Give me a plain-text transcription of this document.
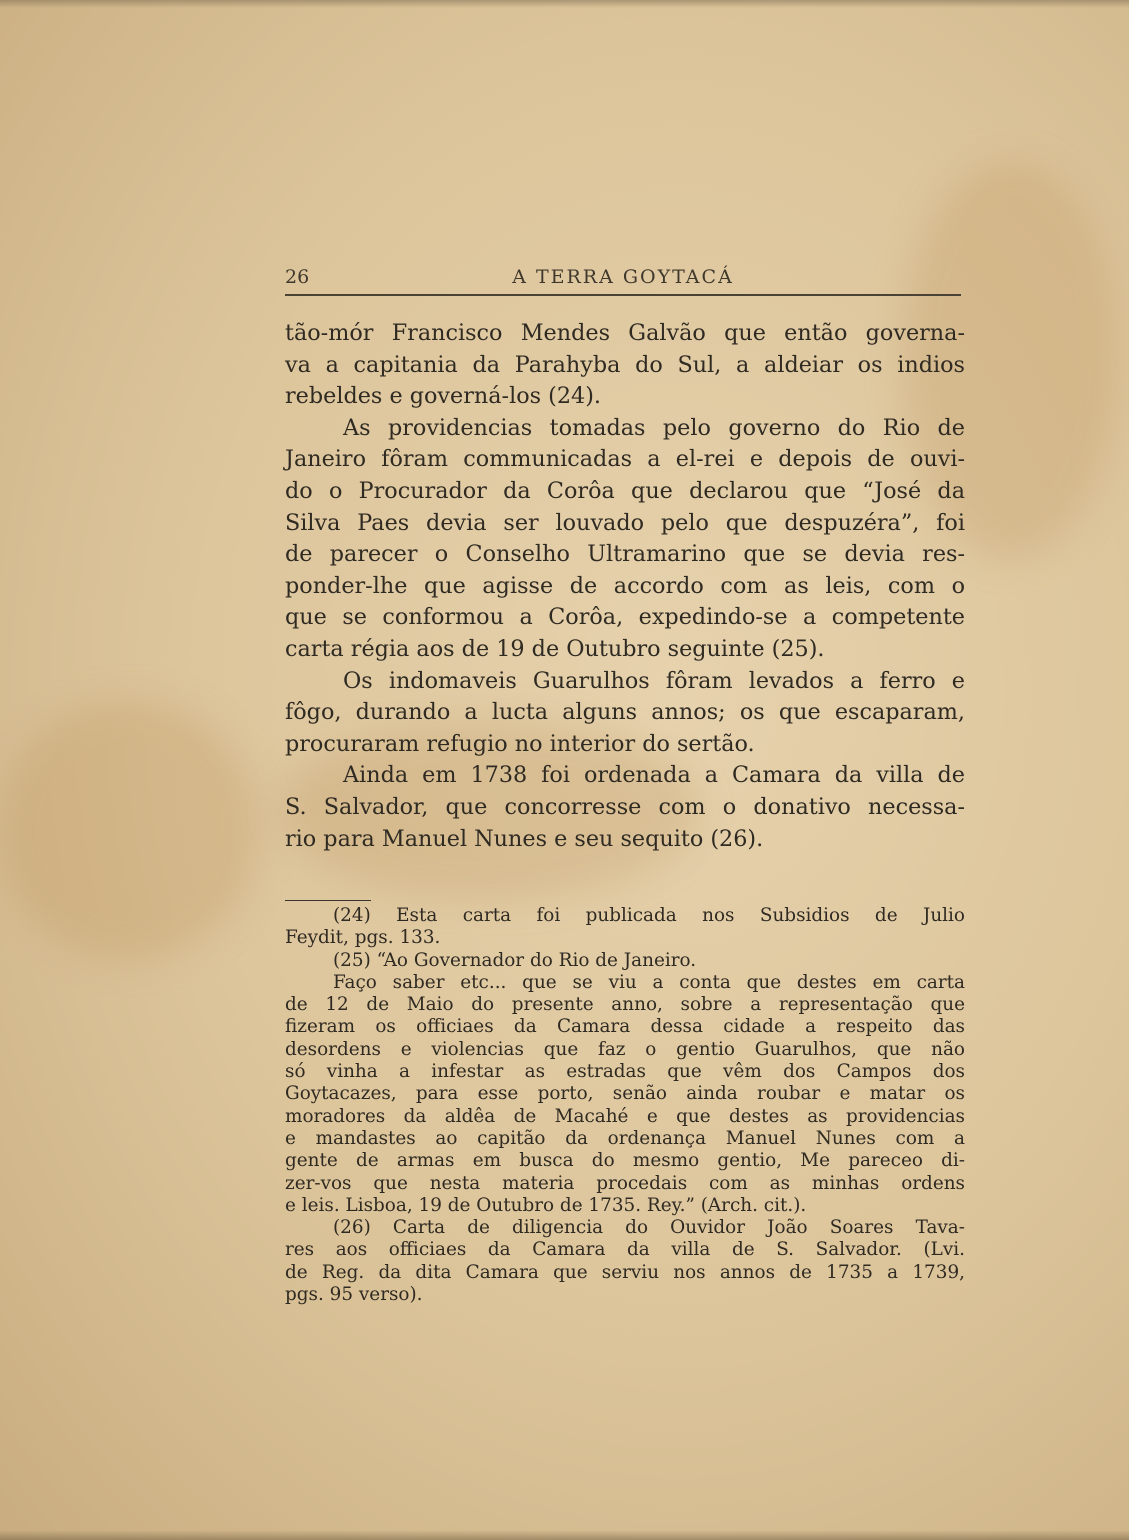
26	A TERRA GOYTACÁ
tão-mór Francisco Mendes Galvão que então governa-
va a capitania da Parahyba do Sul, a aldeiar os indios
rebeldes e governá-los (24).
As providencias tomadas pelo governo do Rio de
Janeiro fôram communicadas a el-rei e depois de ouvi-
do o Procurador da Corôa que declarou que “José da
Silva Paes devia ser louvado pelo que despuzéra”, foi
de parecer o Conselho Ultramarino que se devia res-
ponder-lhe que agisse de accordo com as leis, com o
que se conformou a Corôa, expedindo-se a competente
carta régia aos de 19 de Outubro seguinte (25).
Os indomaveis Guarulhos fôram levados a ferro e
fôgo, durando a lucta alguns annos; os que escaparam,
procuraram refugio no interior do sertão.
Ainda em 1738 foi ordenada a Camara da villa de
S. Salvador, que concorresse com o donativo necessa-
rio para Manuel Nunes e seu sequito (26).
(24) Esta carta foi publicada nos Subsidios de Julio
Feydit, pgs. 133.
(25) “Ao Governador do Rio de Janeiro.
Faço saber etc... que se viu a conta que destes em carta
de 12 de Maio do presente anno, sobre a representação que
fizeram os officiaes da Camara dessa cidade a respeito das
desordens e violencias que faz o gentio Guarulhos, que não
só vinha a infestar as estradas que vêm dos Campos dos
Goytacazes, para esse porto, senão ainda roubar e matar os
moradores da aldêa de Macahé e que destes as providencias
e mandastes ao capitão da ordenança Manuel Nunes com a
gente de armas em busca do mesmo gentio, Me pareceo di-
zer-vos que nesta materia procedais com as minhas ordens
e leis. Lisboa, 19 de Outubro de 1735. Rey.” (Arch. cit.).
(26) Carta de diligencia do Ouvidor João Soares Tava-
res aos officiaes da Camara da villa de S. Salvador. (Lvi.
de Reg. da dita Camara que serviu nos annos de 1735 a 1739,
pgs. 95 verso).
